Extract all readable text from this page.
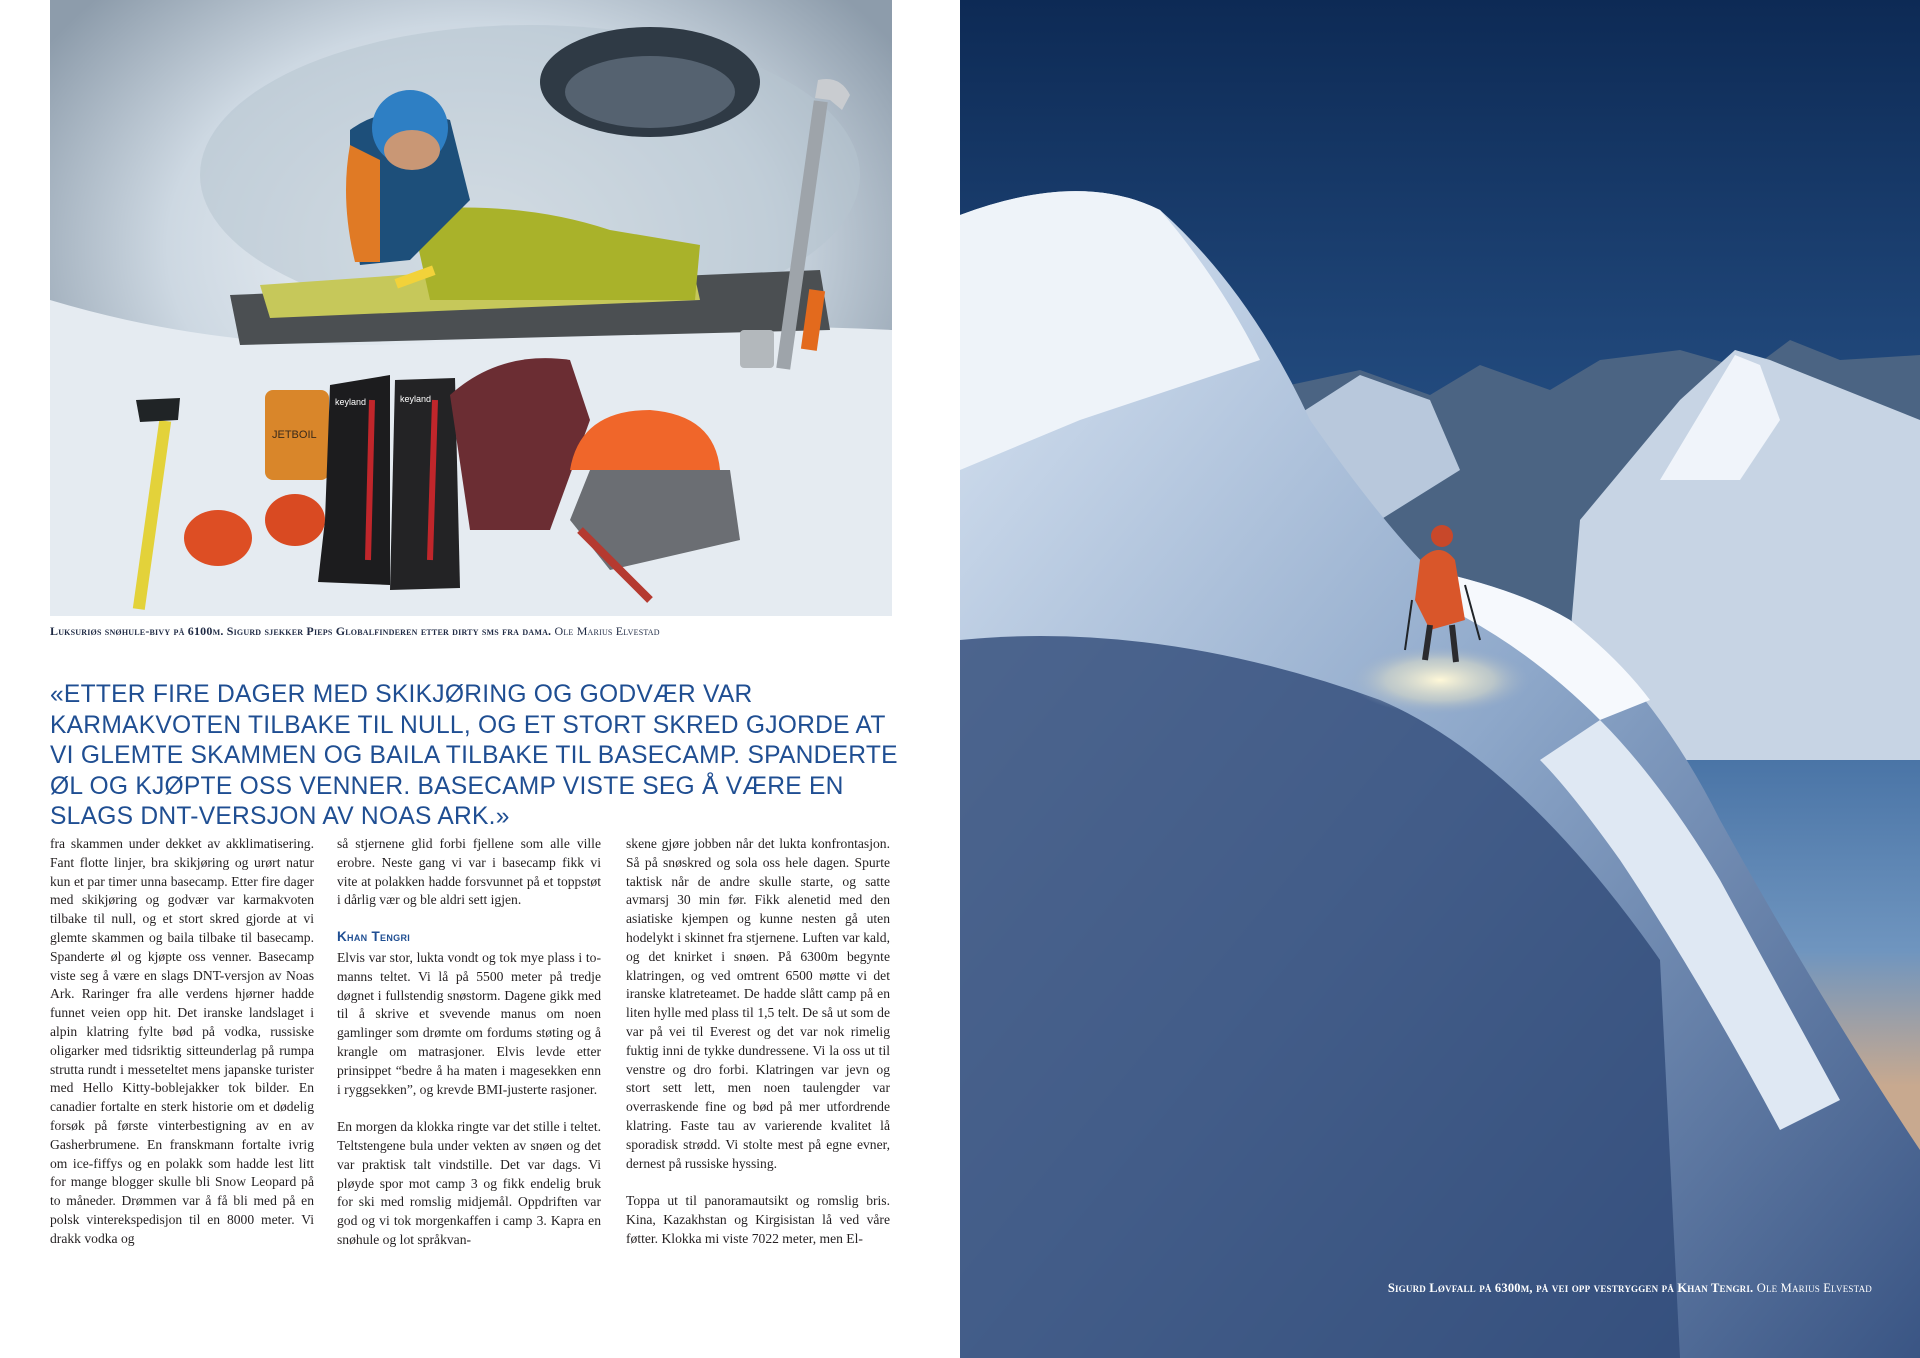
JETBOIL
keyland	keyland
Luksuriøs snøhule-bivy på 6100m. Sigurd sjekker Pieps Globalfinderen etter dirty sms fra dama. Ole Marius Elvestad
«ETTER FIRE DAGER MED SKIKJØRING OG GODVÆR VAR KARMAKVOTEN TILBAKE TIL NULL, OG ET STORT SKRED GJORDE AT VI GLEMTE SKAMMEN OG BAILA TILBAKE TIL BASECAMP. SPANDERTE ØL OG KJØPTE OSS VENNER. BASECAMP VISTE SEG Å VÆRE EN SLAGS DNT-VERSJON AV NOAS ARK.»

fra skammen under dekket av akklimatisering. Fant flotte linjer, bra skikjøring og urørt natur kun et par timer unna basecamp. Etter fire dager med skikjøring og godvær var karmakvoten tilbake til null, og et stort skred gjorde at vi glemte skammen og baila tilbake til basecamp. Spanderte øl og kjøpte oss venner. Basecamp viste seg å være en slags DNT-versjon av Noas Ark. Raringer fra alle verdens hjørner hadde funnet veien opp hit. Det iranske landslaget i alpin klatring fylte bød på vodka, russiske oligarker med tidsriktig sitteunderlag på rumpa strutta rundt i messeteltet mens japanske turister med Hello Kitty-boblejakker tok bilder. En canadier fortalte en sterk historie om et dødelig forsøk på første vinterbestigning av en av Gasherbrumene. En franskmann fortalte ivrig om ice-fiffys og en polakk som hadde lest litt for mange blogger skulle bli Snow Leopard på to måneder. Drømmen var å få bli med på en polsk vinterekspedisjon til en 8000 meter. Vi drakk vodka og

så stjernene glid forbi fjellene som alle ville erobre. Neste gang vi var i basecamp fikk vi vite at polakken hadde forsvunnet på et toppstøt i dårlig vær og ble aldri sett igjen.

Khan Tengri

Elvis var stor, lukta vondt og tok mye plass i to-manns teltet. Vi lå på 5500 meter på tredje døgnet i fullstendig snøstorm. Dagene gikk med til å skrive et svevende manus om noen gamlinger som drømte om fordums støting og å krangle om matrasjoner. Elvis levde etter prinsippet “bedre å ha maten i magesekken enn i ryggsekken”, og krevde BMI-justerte rasjoner.

En morgen da klokka ringte var det stille i teltet. Teltstengene bula under vekten av snøen og det var praktisk talt vindstille. Det var dags. Vi pløyde spor mot camp 3 og fikk endelig bruk for ski med romslig midjemål. Oppdriften var god og vi tok morgenkaffen i camp 3. Kapra en snøhule og lot språkvan-

skene gjøre jobben når det lukta konfrontasjon. Så på snøskred og sola oss hele dagen. Spurte taktisk når de andre skulle starte, og satte avmarsj 30 min før. Fikk alenetid med den asiatiske kjempen og kunne nesten gå uten hodelykt i skinnet fra stjernene. Luften var kald, og det knirket i snøen. På 6300m begynte klatringen, og ved omtrent 6500 møtte vi det iranske klatreteamet. De hadde slått camp på en liten hylle med plass til 1,5 telt. De så ut som de var på vei til Everest og det var nok rimelig fuktig inni de tykke dundressene. Vi la oss ut til venstre og dro forbi. Klatringen var jevn og stort sett lett, men noen taulengder var overraskende fine og bød på mer utfordrende klatring. Faste tau av varierende kvalitet lå sporadisk strødd. Vi stolte mest på egne evner, dernest på russiske hyssing.

Toppa ut til panoramautsikt og romslig bris. Kina, Kazakhstan og Kirgisistan lå ved våre føtter. Klokka mi viste 7022 meter, men El-

Sigurd Løvfall på 6300m, på vei opp vestryggen på Khan Tengri. Ole Marius Elvestad
